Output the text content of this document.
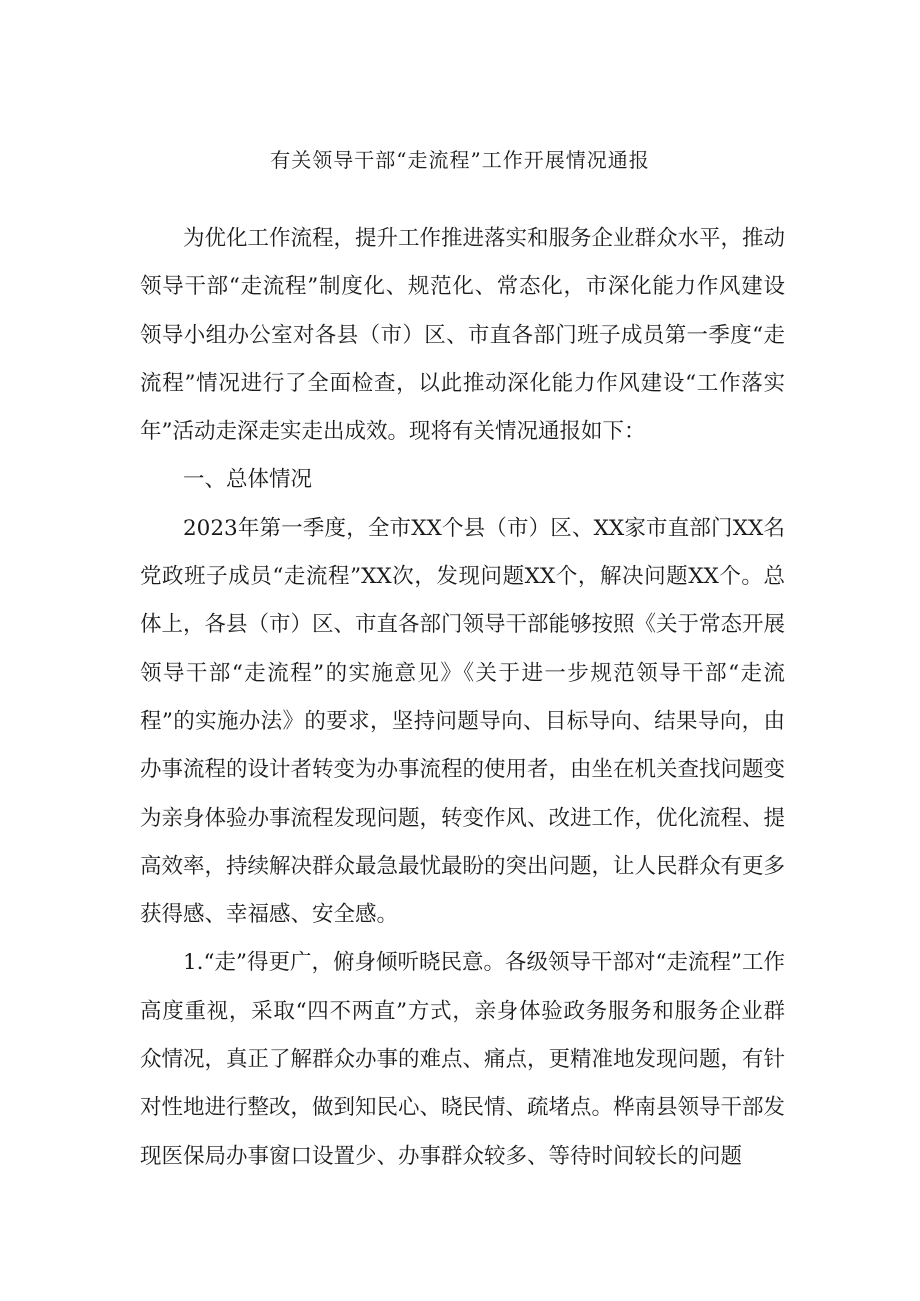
有关领导干部“走流程”工作开展情况通报

为优化工作流程，提升工作推进落实和服务企业群众水平，推动领导干部“走流程”制度化、规范化、常态化，市深化能力作风建设领导小组办公室对各县（市）区、市直各部门班子成员第一季度“走流程”情况进行了全面检查，以此推动深化能力作风建设“工作落实年”活动走深走实走出成效。现将有关情况通报如下：

一、总体情况

2023年第一季度，全市XX个县（市）区、XX家市直部门XX名党政班子成员“走流程”XX次，发现问题XX个，解决问题XX个。总体上，各县（市）区、市直各部门领导干部能够按照《关于常态开展领导干部“走流程”的实施意见》《关于进一步规范领导干部“走流程”的实施办法》的要求，坚持问题导向、目标导向、结果导向，由办事流程的设计者转变为办事流程的使用者，由坐在机关查找问题变为亲身体验办事流程发现问题，转变作风、改进工作，优化流程、提高效率，持续解决群众最急最忧最盼的突出问题，让人民群众有更多获得感、幸福感、安全感。

1.“走”得更广，俯身倾听晓民意。各级领导干部对“走流程”工作高度重视，采取“四不两直”方式，亲身体验政务服务和服务企业群众情况，真正了解群众办事的难点、痛点，更精准地发现问题，有针对性地进行整改，做到知民心、晓民情、疏堵点。桦南县领导干部发现医保局办事窗口设置少、办事群众较多、等待时间较长的问题
